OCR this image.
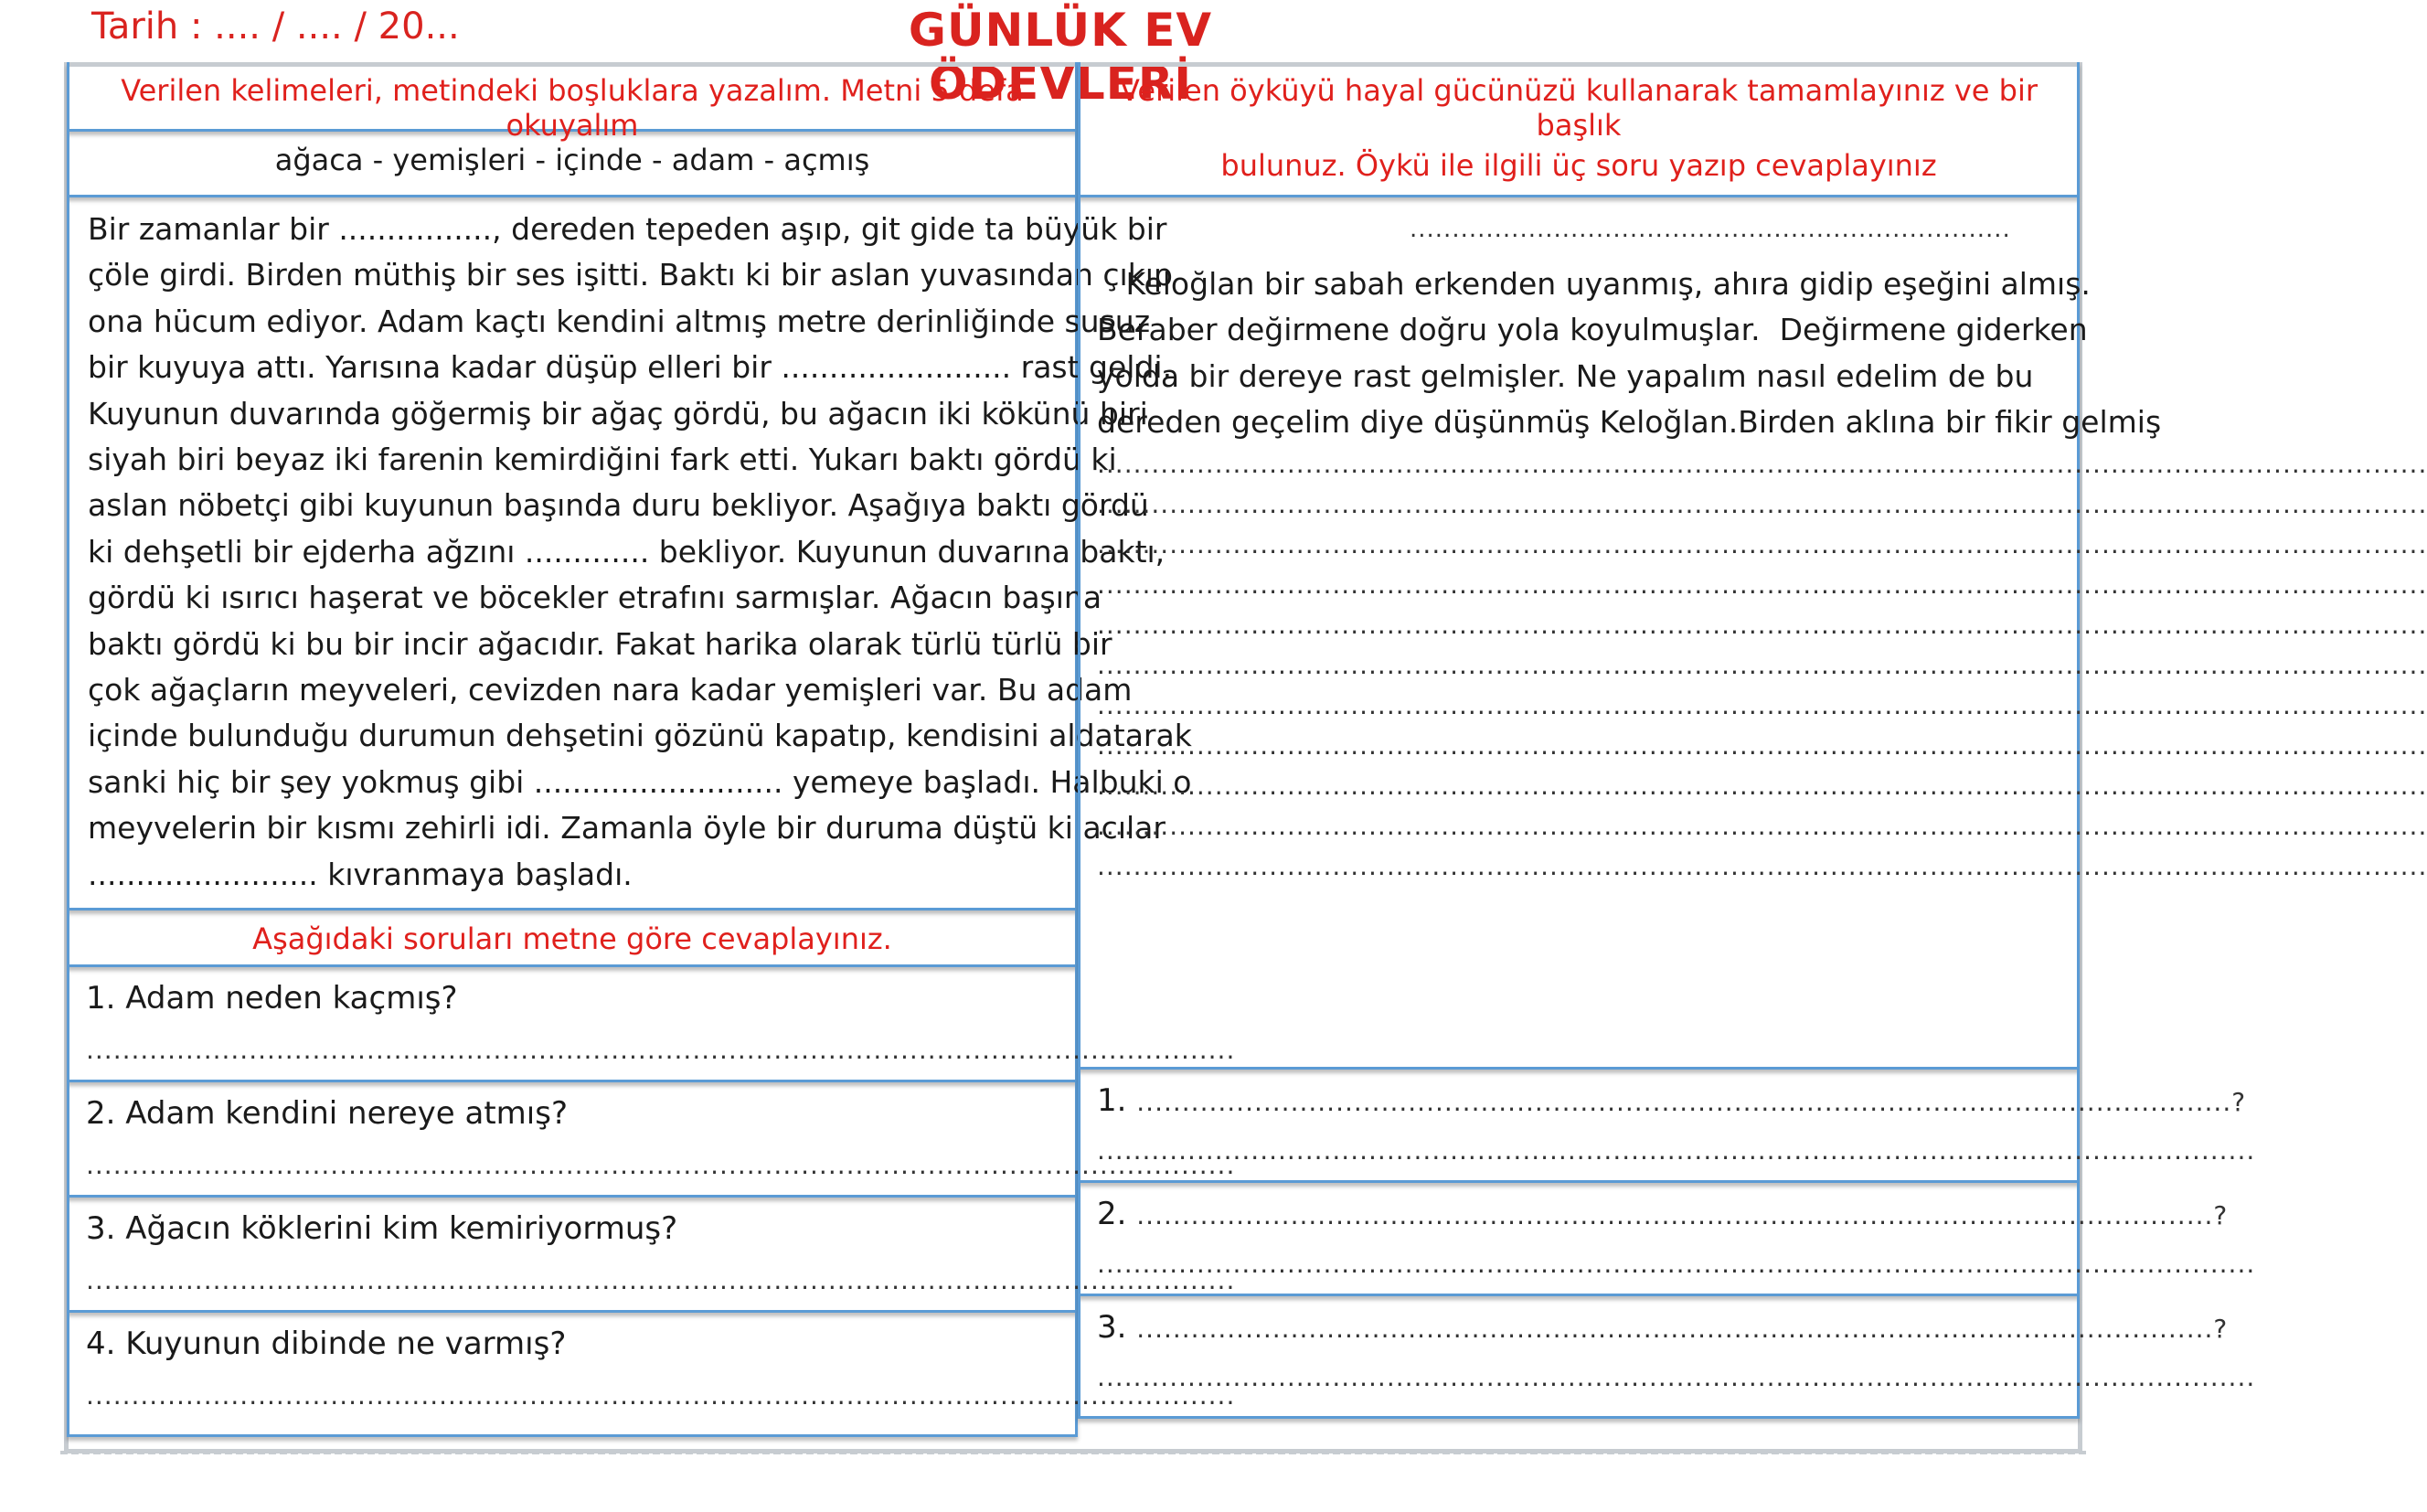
Tarih : .... / .... / 20...	GÜNLÜK EV ÖDEVLERİ
Verilen kelimeleri, metindeki boşluklara yazalım. Metni 5 defa okuyalım
ağaca - yemişleri - içinde - adam - açmış
Bir zamanlar bir ................, dereden tepeden aşıp, git gide ta büyük bir
çöle girdi. Birden müthiş bir ses işitti. Baktı ki bir aslan yuvasından çıkıp
ona hücum ediyor. Adam kaçtı kendini altmış metre derinliğinde susuz
bir kuyuya attı. Yarısına kadar düşüp elleri bir ........................ rast geldi.
Kuyunun duvarında göğermiş bir ağaç gördü, bu ağacın iki kökünü biri
siyah biri beyaz iki farenin kemirdiğini fark etti. Yukarı baktı gördü ki
aslan nöbetçi gibi kuyunun başında duru bekliyor. Aşağıya baktı gördü
ki dehşetli bir ejderha ağzını ............. bekliyor. Kuyunun duvarına baktı,
gördü ki ısırıcı haşerat ve böcekler etrafını sarmışlar. Ağacın başına
baktı gördü ki bu bir incir ağacıdır. Fakat harika olarak türlü türlü bir
çok ağaçların meyveleri, cevizden nara kadar yemişleri var. Bu adam
içinde bulunduğu durumun dehşetini gözünü kapatıp, kendisini aldatarak
sanki hiç bir şey yokmuş gibi .......................... yemeye başladı. Halbuki o
meyvelerin bir kısmı zehirli idi. Zamanla öyle bir duruma düştü ki acılar
........................ kıvranmaya başladı.
Aşağıdaki soruları metne göre cevaplayınız.
1. Adam neden kaçmış?
...............................................................................................................................
2. Adam kendini nereye atmış?
...............................................................................................................................
3. Ağacın köklerini kim kemiriyormuş?
...............................................................................................................................
4. Kuyunun dibinde ne varmış?
...............................................................................................................................
Verilen öyküyü hayal gücünüzü kullanarak tamamlayınız ve bir başlık
bulunuz. Öykü ile ilgili üç soru yazıp cevaplayınız
.......................................................................
Keloğlan bir sabah erkenden uyanmış, ahıra gidip eşeğini almış.
Beraber değirmene doğru yola koyulmuşlar.  Değirmene giderken
yolda bir dereye rast gelmişler. Ne yapalım nasıl edelim de bu
dereden geçelim diye düşünmüş Keloğlan.Birden aklına bir fikir gelmiş
...................................................................................................................................................
...................................................................................................................................................
...................................................................................................................................................
...................................................................................................................................................
...................................................................................................................................................
...................................................................................................................................................
...................................................................................................................................................
...................................................................................................................................................
...................................................................................................................................................
...................................................................................................................................................
...................................................................................................................................................
1. .........................................................................................................................?
................................................................................................................................
2. .......................................................................................................................?
................................................................................................................................
3. .......................................................................................................................?
................................................................................................................................
